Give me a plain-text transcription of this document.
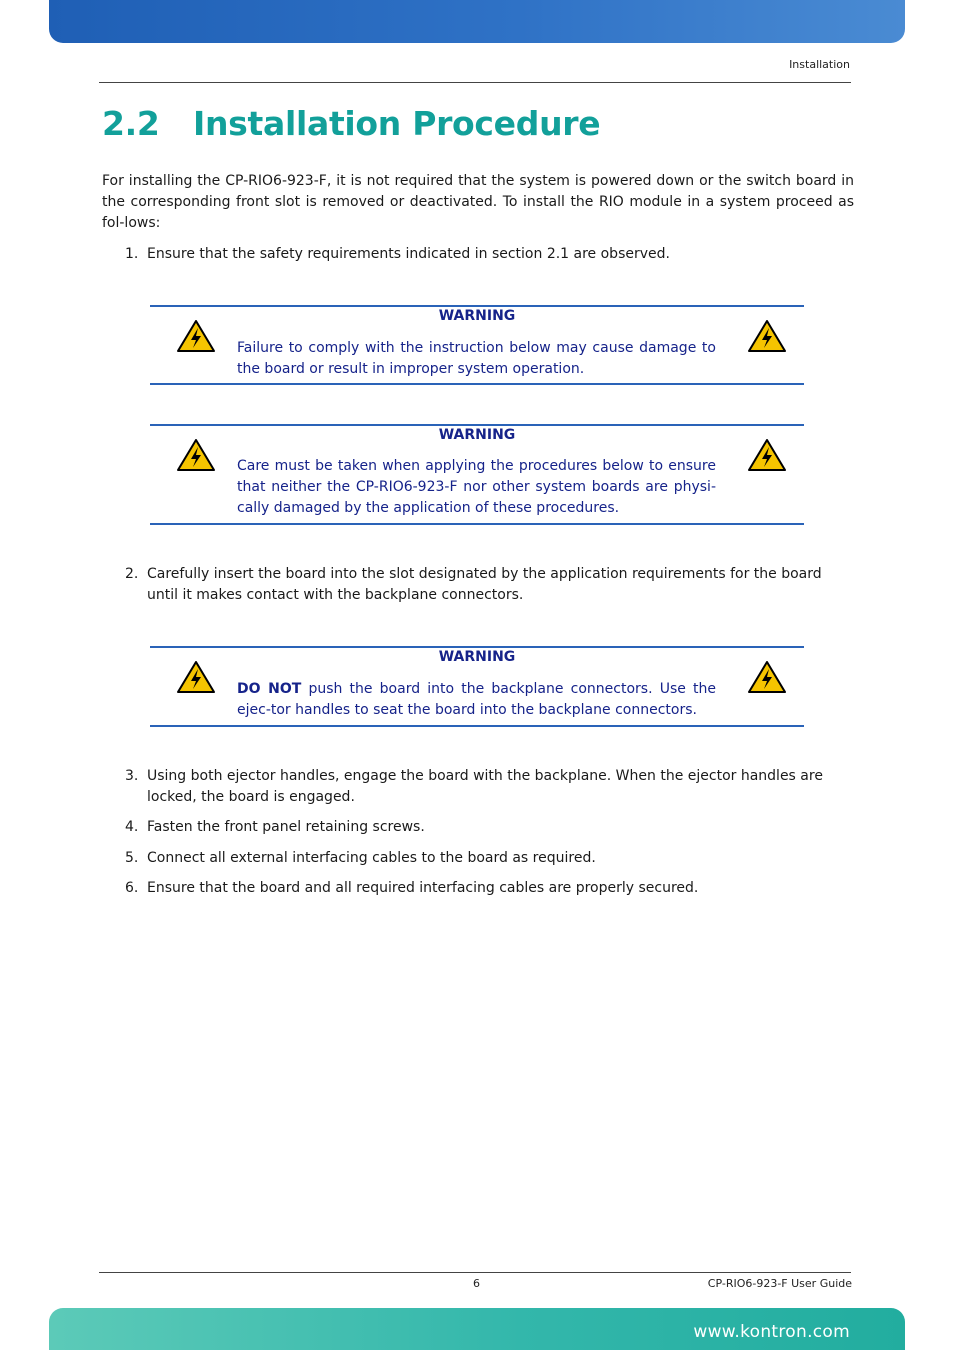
Installation
2.2 Installation Procedure

For installing the CP-RIO6-923-F, it is not required that the system is powered down or the switch board in the corresponding front slot is removed or deactivated. To install the RIO module in a system proceed as fol-lows:

1. Ensure that the safety requirements indicated in section 2.1 are observed.
WARNING
Failure to comply with the instruction below may cause damage to the board or result in improper system operation.
WARNING
Care must be taken when applying the procedures below to ensure that neither the CP-RIO6-923-F nor other system boards are physi-cally damaged by the application of these procedures.
2. Carefully insert the board into the slot designated by the application requirements for the board until it makes contact with the backplane connectors.
WARNING
DO NOT push the board into the backplane connectors. Use the ejec-tor handles to seat the board into the backplane connectors.
3. Using both ejector handles, engage the board with the backplane. When the ejector handles are locked, the board is engaged.
4. Fasten the front panel retaining screws.
5. Connect all external interfacing cables to the board as required.
6. Ensure that the board and all required interfacing cables are properly secured.
6	CP-RIO6-923-F User Guide
www.kontron.com
